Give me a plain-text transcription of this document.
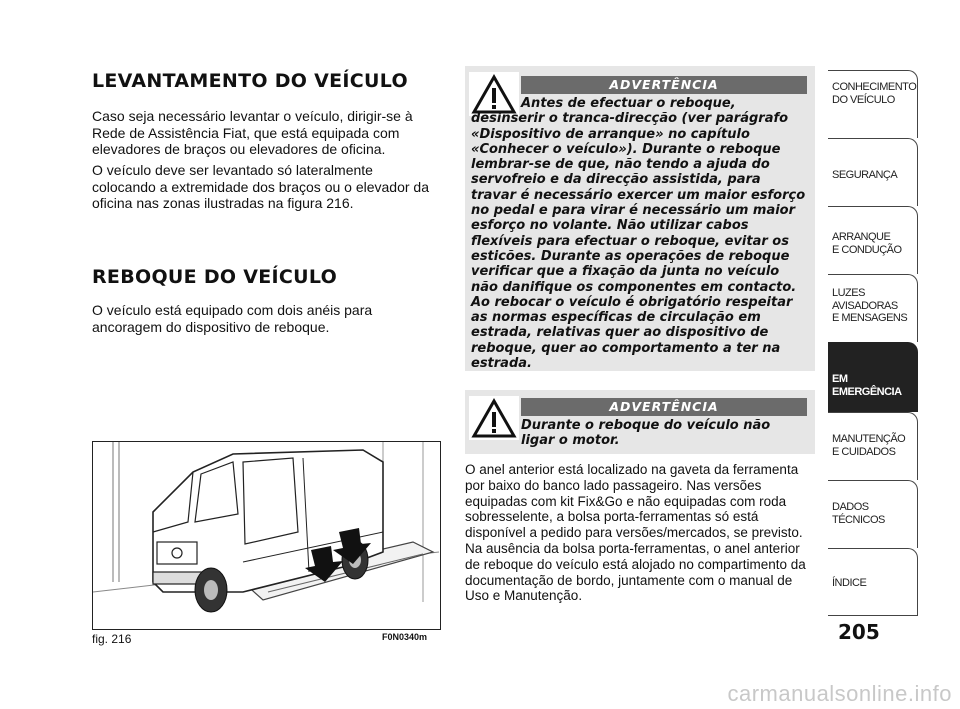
LEVANTAMENTO DO VEÍCULO
Caso seja necessário levantar o veículo, dirigir-se à Rede de Assistência Fiat, que está equipada com elevadores de braços ou elevadores de oficina.
O veículo deve ser levantado só lateralmente colocando a extremidade dos braços ou o elevador da oficina nas zonas ilustradas na figura 216.
REBOQUE DO VEÍCULO
O veículo está equipado com dois anéis para ancoragem do dispositivo de reboque.
ADVERTÊNCIA
Antes de efectuar o reboque, desinserir o tranca-direcção (ver parágrafo «Dispositivo de arranque» no capítulo «Conhecer o veículo»). Durante o reboque lembrar-se de que, não tendo a ajuda do servofreio e da direcção assistida, para travar é necessário exercer um maior esforço no pedal e para virar é necessário um maior esforço no volante. Não utilizar cabos flexíveis para efectuar o reboque, evitar os esticões. Durante as operações de reboque verificar que a fixação da junta no veículo não danifique os componentes em contacto. Ao rebocar o veículo é obrigatório respeitar as normas específicas de circulação em estrada, relativas quer ao dispositivo de reboque, quer ao comportamento a ter na estrada.
ADVERTÊNCIA
Durante o reboque do veículo não ligar o motor.
O anel anterior está localizado na gaveta da ferramenta por baixo do banco lado passageiro. Nas versões equipadas com kit Fix&Go e não equipadas com roda sobresselente, a bolsa porta-ferramentas só está disponível a pedido para versões/mercados, se previsto. Na ausência da bolsa porta-ferramentas, o anel anterior de reboque do veículo está alojado no compartimento da documentação de bordo, juntamente com o manual de Uso e Manutenção.
fig. 216	F0N0340m
CONHECIMENTO
DO VEÍCULO
SEGURANÇA
ARRANQUE
E CONDUÇÃO
LUZES
AVISADORAS
E MENSAGENS
EM EMERGÊNCIA
MANUTENÇÃO
E CUIDADOS
DADOS
TÉCNICOS
ÍNDICE
205
carmanualsonline.info
